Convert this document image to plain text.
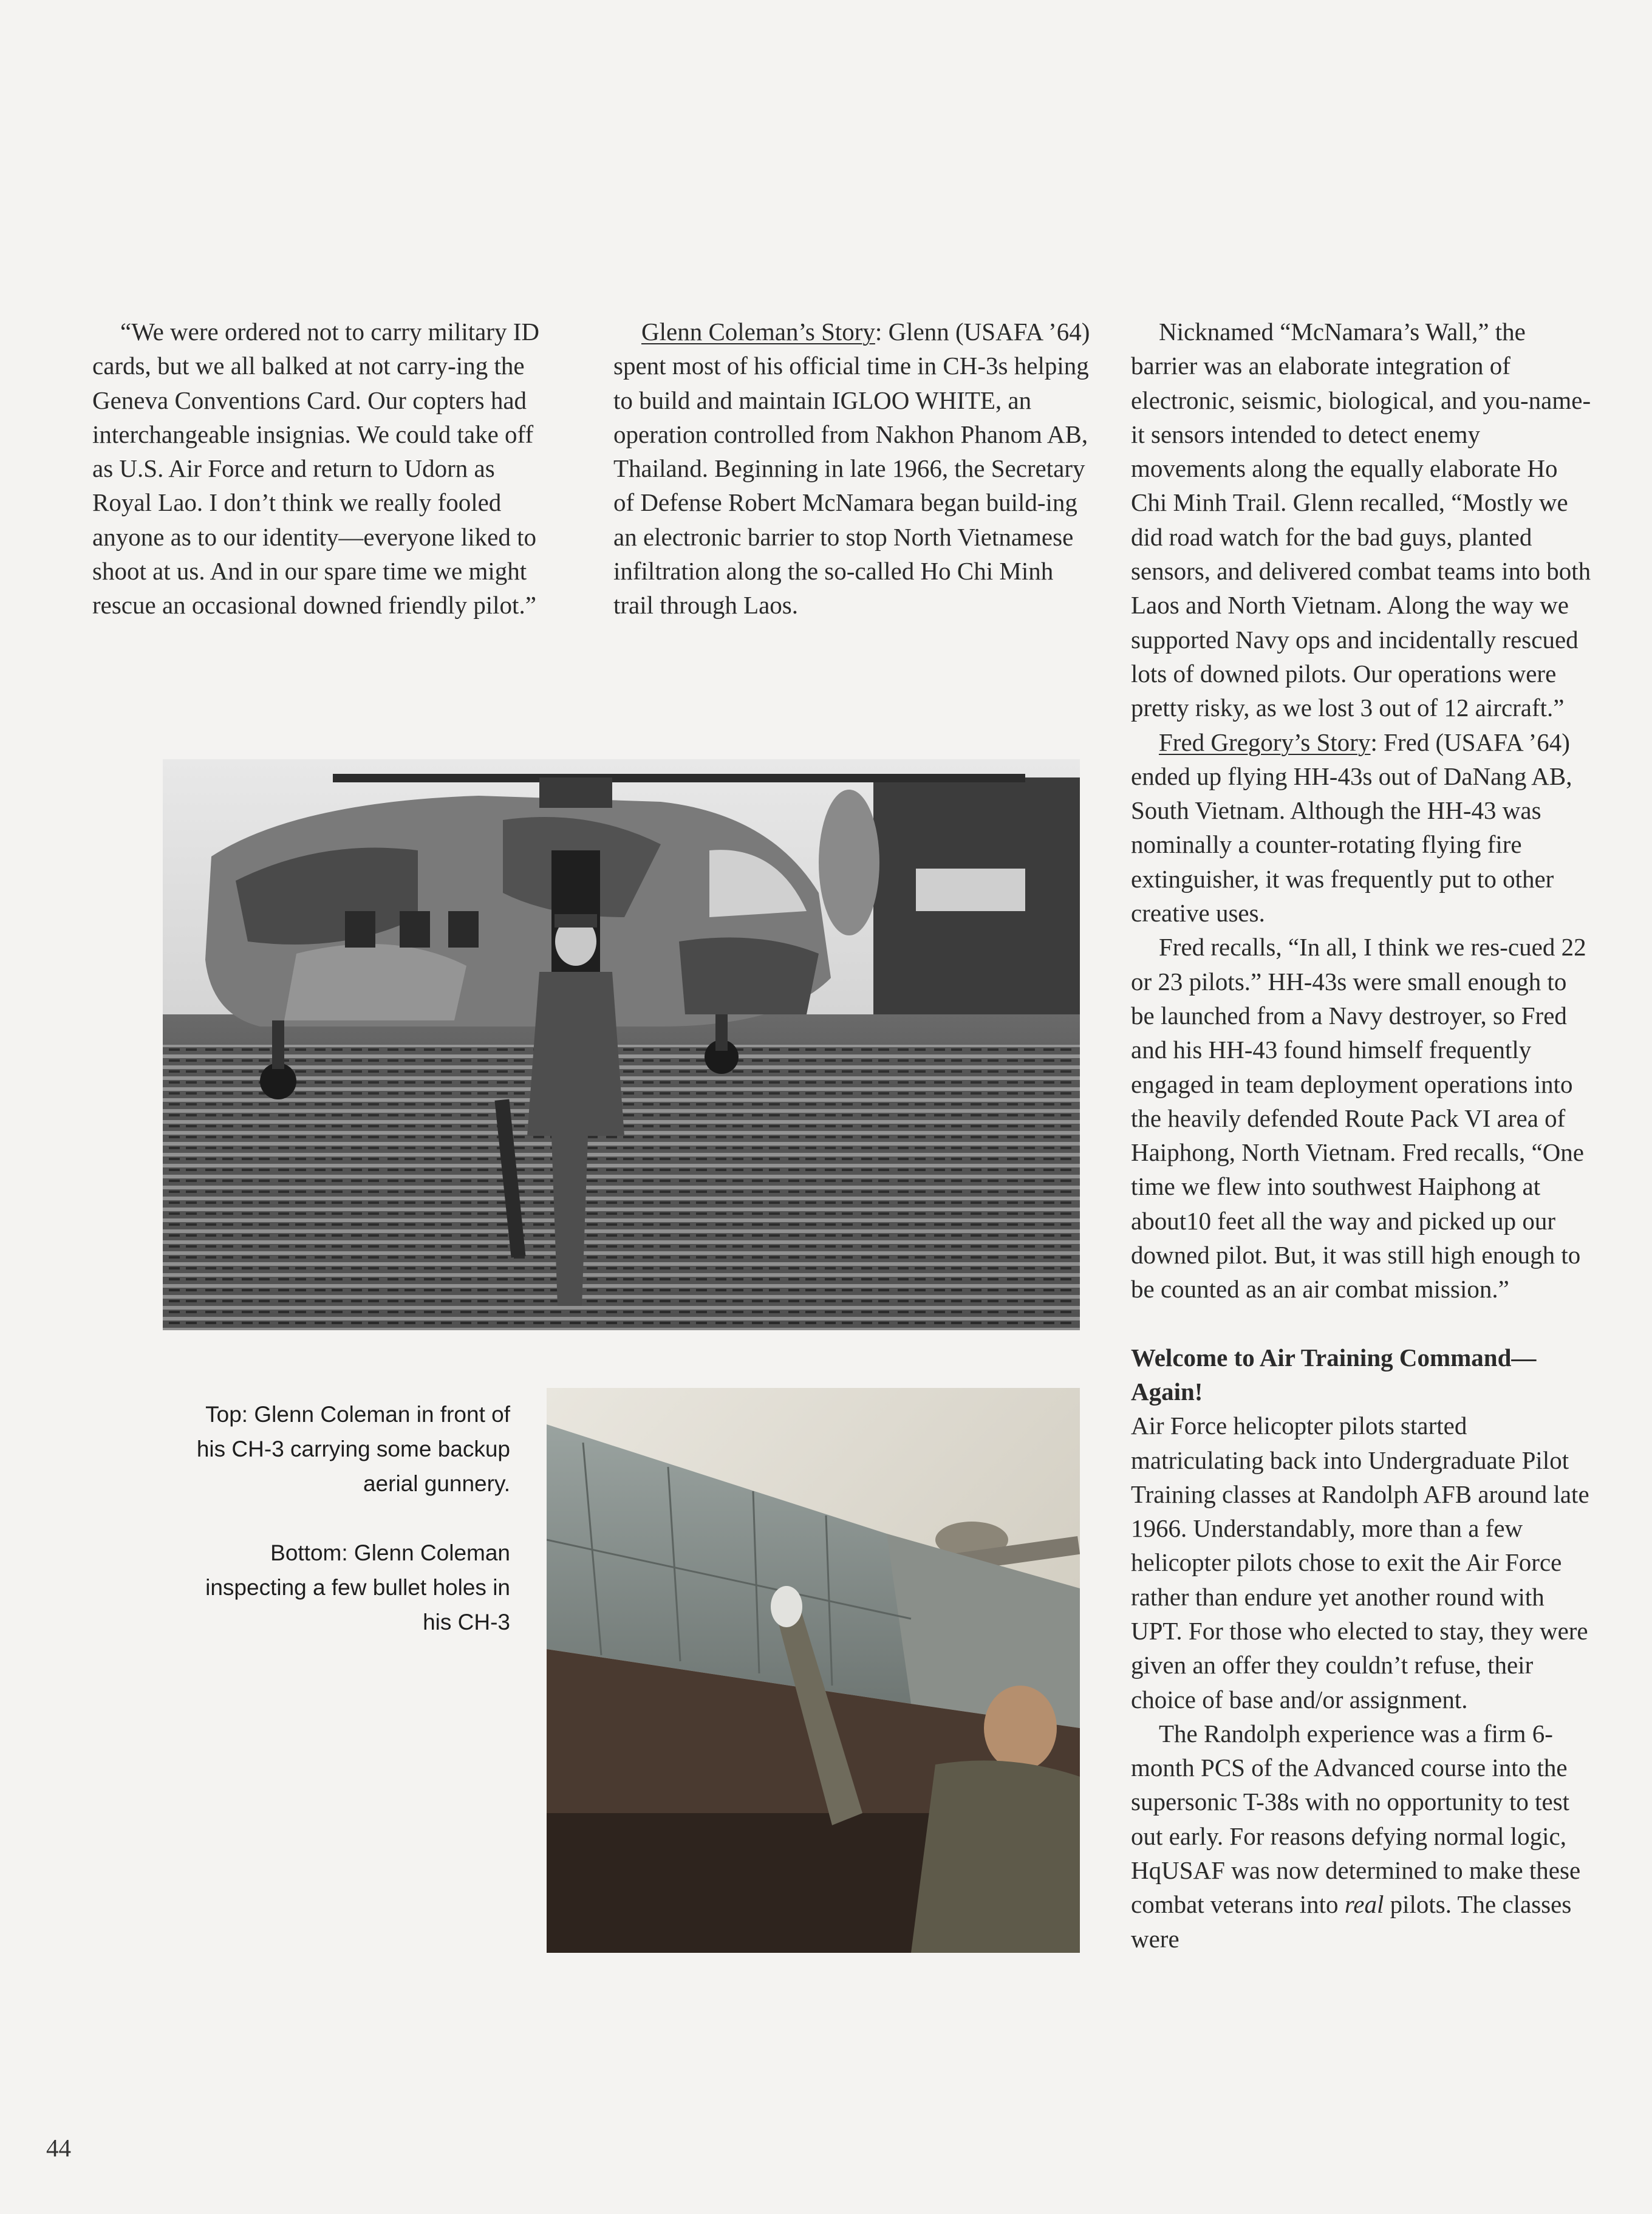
“We were ordered not to carry military ID cards, but we all balked at not carry-ing the Geneva Conventions Card. Our copters had interchangeable insignias. We could take off as U.S. Air Force and return to Udorn as Royal Lao. I don’t think we really fooled anyone as to our identity—everyone liked to shoot at us. And in our spare time we might rescue an occasional downed friendly pilot.”

Glenn Coleman’s Story: Glenn (USAFA ’64) spent most of his official time in CH-3s helping to build and maintain IGLOO WHITE, an operation controlled from Nakhon Phanom AB, Thailand. Beginning in late 1966, the Secretary of Defense Robert McNamara began build-ing an electronic barrier to stop North Vietnamese infiltration along the so-called Ho Chi Minh trail through Laos.

Nicknamed “McNamara’s Wall,” the barrier was an elaborate integration of electronic, seismic, biological, and you-name-it sensors intended to detect enemy movements along the equally elaborate Ho Chi Minh Trail. Glenn recalled, “Mostly we did road watch for the bad guys, planted sensors, and delivered combat teams into both Laos and North Vietnam. Along the way we supported Navy ops and incidentally rescued lots of downed pilots. Our operations were pretty risky, as we lost 3 out of 12 aircraft.”

Fred Gregory’s Story: Fred (USAFA ’64) ended up flying HH-43s out of DaNang AB, South Vietnam. Although the HH-43 was nominally a counter-rotating flying fire extinguisher, it was frequently put to other creative uses.

Fred recalls, “In all, I think we res-cued 22 or 23 pilots.” HH-43s were small enough to be launched from a Navy destroyer, so Fred and his HH-43 found himself frequently engaged in team deployment operations into the heavily defended Route Pack VI area of Haiphong, North Vietnam. Fred recalls, “One time we flew into southwest Haiphong at about10 feet all the way and picked up our downed pilot. But, it was still high enough to be counted as an air combat mission.”

Welcome to Air Training Command—Again!

Air Force helicopter pilots started matriculating back into Undergraduate Pilot Training classes at Randolph AFB around late 1966. Understandably, more than a few helicopter pilots chose to exit the Air Force rather than endure yet another round with UPT. For those who elected to stay, they were given an offer they couldn’t refuse, their choice of base and/or assignment.

The Randolph experience was a firm 6-month PCS of the Advanced course into the supersonic T-38s with no opportunity to test out early. For reasons defying normal logic, HqUSAF was now determined to make these combat veterans into real pilots. The classes were

Top: Glenn Coleman in front of his CH-3 carrying some backup aerial gunnery.

Bottom: Glenn Coleman inspecting a few bullet holes in his CH-3

44
